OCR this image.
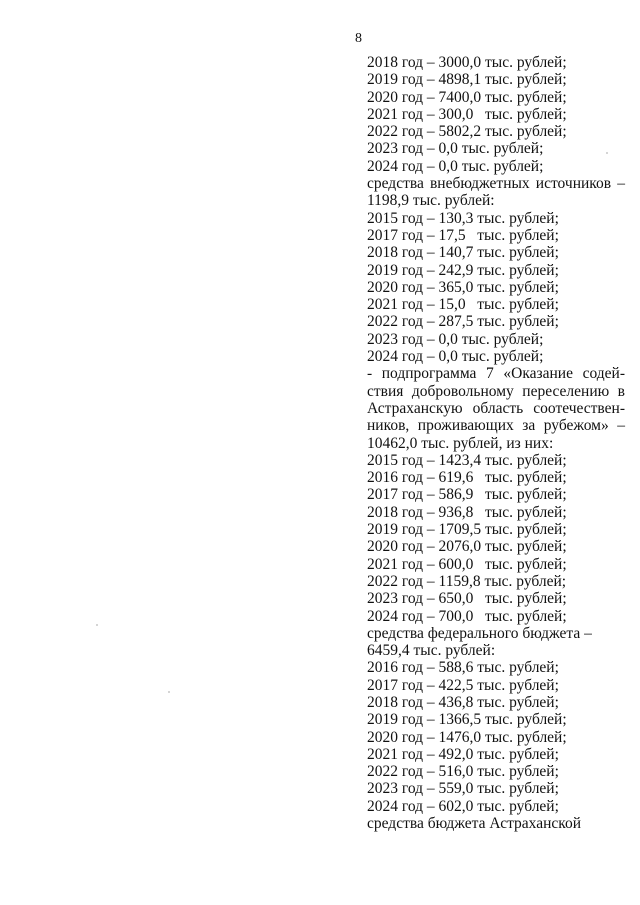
8
2018 год – 3000,0 тыс. рублей;
2019 год – 4898,1 тыс. рублей;
2020 год – 7400,0 тыс. рублей;
2021 год – 300,0   тыс. рублей;
2022 год – 5802,2 тыс. рублей;
2023 год – 0,0 тыс. рублей;
2024 год – 0,0 тыс. рублей;
средства внебюджетных источников –
1198,9 тыс. рублей:
2015 год – 130,3 тыс. рублей;
2017 год – 17,5   тыс. рублей;
2018 год – 140,7 тыс. рублей;
2019 год – 242,9 тыс. рублей;
2020 год – 365,0 тыс. рублей;
2021 год – 15,0   тыс. рублей;
2022 год – 287,5 тыс. рублей;
2023 год – 0,0 тыс. рублей;
2024 год – 0,0 тыс. рублей;
- подпрограмма 7 «Оказание содей-
ствия добровольному переселению в
Астраханскую область соотечествен-
ников, проживающих за рубежом» –
10462,0 тыс. рублей, из них:
2015 год – 1423,4 тыс. рублей;
2016 год – 619,6   тыс. рублей;
2017 год – 586,9   тыс. рублей;
2018 год – 936,8   тыс. рублей;
2019 год – 1709,5 тыс. рублей;
2020 год – 2076,0 тыс. рублей;
2021 год – 600,0   тыс. рублей;
2022 год – 1159,8 тыс. рублей;
2023 год – 650,0   тыс. рублей;
2024 год – 700,0   тыс. рублей;
средства федерального бюджета –
6459,4 тыс. рублей:
2016 год – 588,6 тыс. рублей;
2017 год – 422,5 тыс. рублей;
2018 год – 436,8 тыс. рублей;
2019 год – 1366,5 тыс. рублей;
2020 год – 1476,0 тыс. рублей;
2021 год – 492,0 тыс. рублей;
2022 год – 516,0 тыс. рублей;
2023 год – 559,0 тыс. рублей;
2024 год – 602,0 тыс. рублей;
средства бюджета Астраханской
